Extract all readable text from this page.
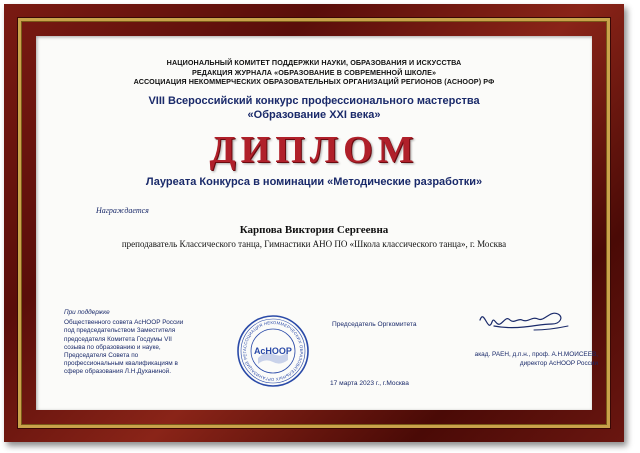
НАЦИОНАЛЬНЫЙ КОМИТЕТ ПОДДЕРЖКИ НАУКИ, ОБРАЗОВАНИЯ И ИСКУССТВА
РЕДАКЦИЯ ЖУРНАЛА «ОБРАЗОВАНИЕ В СОВРЕМЕННОЙ ШКОЛЕ»
АССОЦИАЦИЯ НЕКОММЕРЧЕСКИХ ОБРАЗОВАТЕЛЬНЫХ ОРГАНИЗАЦИЙ РЕГИОНОВ (АСНООР) РФ
VIII Всероссийский конкурс профессионального мастерства
«Образование XXI века»
ДИПЛОМ
Лауреата Конкурса в номинации «Методические разработки»
Награждается
Карпова Виктория Сергеевна
преподаватель Классического танца, Гимнастики АНО ПО «Школа классического танца», г. Москва
При поддержке
Общественного совета АсНООР России
под председательством Заместителя
председателя Комитета Госдумы VII
созыва по образованию и науке,
Председателя Совета по
профессиональным квалификациям в
сфере образования Л.Н.Духаниной.
АССОЦИАЦИЯ НЕКОММЕРЧЕСКИХ ОБРАЗОВАТЕЛЬНЫХ ОРГАНИЗАЦИЙ РЕГ АсНООР
Председатель Оргкомитета
17 марта 2023 г., г.Москва
акад. РАЕН, д.п.н., проф. А.Н.МОИСЕЕВ,
директор АсНООР России
